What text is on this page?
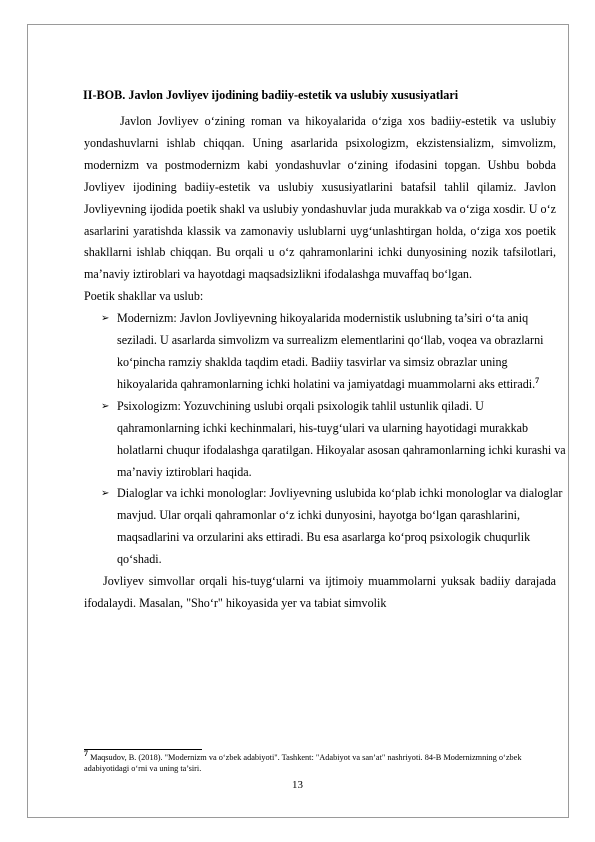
II-BOB. Javlon Jovliyev ijodining badiiy-estetik va uslubiy xususiyatlari

Javlon Jovliyev o‘zining roman va hikoyalarida o‘ziga xos badiiy-estetik va uslubiy yondashuvlarni ishlab chiqqan. Uning asarlarida psixologizm, ekzistensializm, simvolizm, modernizm va postmodernizm kabi yondashuvlar o‘zining ifodasini topgan. Ushbu bobda Jovliyev ijodining badiiy-estetik va uslubiy xususiyatlarini batafsil tahlil qilamiz. Javlon Jovliyevning ijodida poetik shakl va uslubiy yondashuvlar juda murakkab va o‘ziga xosdir. U o‘z asarlarini yaratishda klassik va zamonaviy uslublarni uyg‘unlashtirgan holda, o‘ziga xos poetik shakllarni ishlab chiqqan. Bu orqali u o‘z qahramonlarini ichki dunyosining nozik tafsilotlari, ma’naviy iztiroblari va hayotdagi maqsadsizlikni ifodalashga muvaffaq bo‘lgan.

Poetik shakllar va uslub:

➢ Modernizm: Javlon Jovliyevning hikoyalarida modernistik uslubning ta’siri o‘ta aniq seziladi. U asarlarda simvolizm va surrealizm elementlarini qo‘llab, voqea va obrazlarni ko‘pincha ramziy shaklda taqdim etadi. Badiiy tasvirlar va simsiz obrazlar uning hikoyalarida qahramonlarning ichki holatini va jamiyatdagi muammolarni aks ettiradi.$^7$
➢ Psixologizm: Yozuvchining uslubi orqali psixologik tahlil ustunlik qiladi. U qahramonlarning ichki kechinmalari, his-tuyg‘ulari va ularning hayotidagi murakkab holatlarni chuqur ifodalashga qaratilgan. Hikoyalar asosan qahramonlarning ichki kurashi va ma’naviy iztiroblari haqida.
➢ Dialoglar va ichki monologlar: Jovliyevning uslubida ko‘plab ichki monologlar va dialoglar mavjud. Ular orqali qahramonlar o‘z ichki dunyosini, hayotga bo‘lgan qarashlarini, maqsadlarini va orzularini aks ettiradi. Bu esa asarlarga ko‘proq psixologik chuqurlik qo‘shadi.

Jovliyev simvollar orqali his-tuyg‘ularni va ijtimoiy muammolarni yuksak badiiy darajada ifodalaydi. Masalan, "Sho‘r" hikoyasida yer va tabiat simvolik

$^7$ Maqsudov, B. (2018). "Modernizm va o‘zbek adabiyoti". Tashkent: "Adabiyot va san’at" nashriyoti. 84-B Modernizmning o‘zbek adabiyotidagi o‘rni va uning ta’siri.
13
